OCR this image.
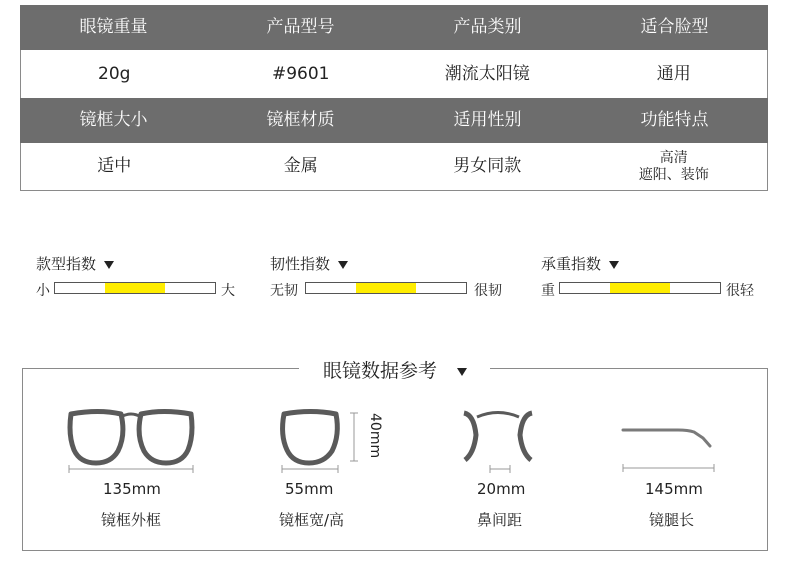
眼镜重量	产品型号	产品类别	适合脸型
20g	#9601	潮流太阳镜	通用
镜框大小	镜框材质	适用性别	功能特点
适中	金属	男女同款	高清
遮阳、装饰
款型指数
小	大
韧性指数
无韧	很韧
承重指数
重	很轻
眼镜数据参考
135mm
镜框外框
40mm
55mm
镜框宽/高
20mm
鼻间距
145mm
镜腿长
